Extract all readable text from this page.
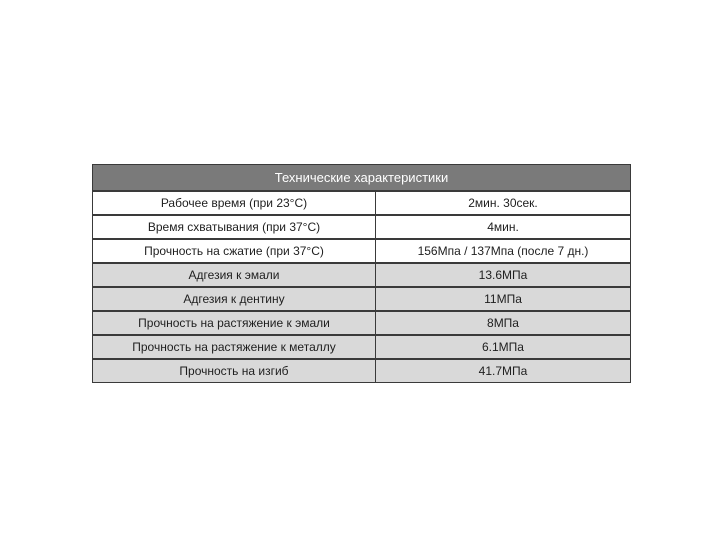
Технические характеристики	
Рабочее время (при 23°С)	2мин. 30сек.
Время схватывания (при 37°С)	4мин.
Прочность на сжатие (при 37°С)	156Мпа / 137Мпа (после 7 дн.)
Адгезия к эмали	13.6МПа
Адгезия к дентину	11МПа
Прочность на растяжение к эмали	8МПа
Прочность на растяжение к металлу	6.1МПа
Прочность на изгиб	41.7МПа
